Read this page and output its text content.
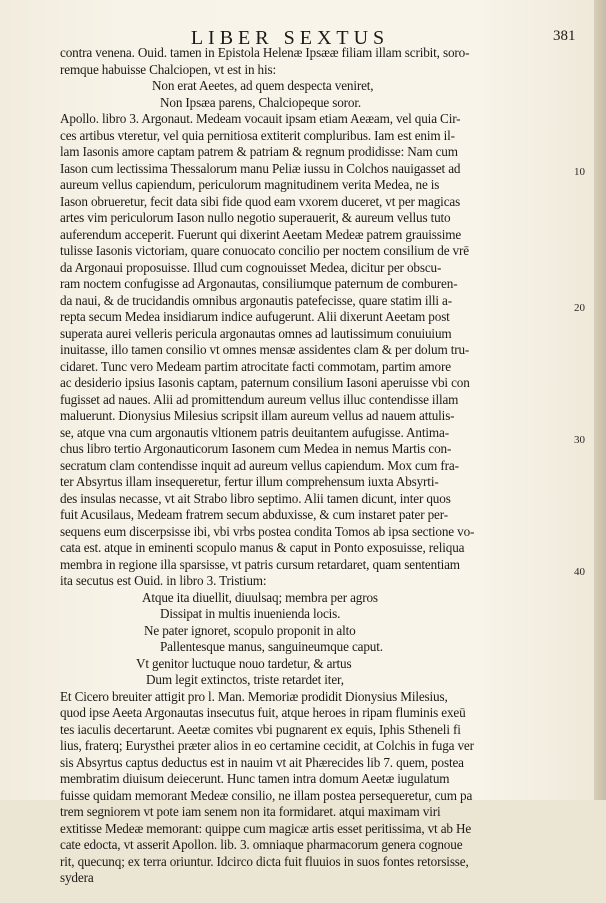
LIBER SEXTUS	381
contra venena. Ouid. tamen in Epistola Helenæ Ipsææ filiam illam scribit, soro-
remque habuisse Chalciopen, vt est in his:
Non erat Aeetes, ad quem despecta veniret,
Non Ipsæa parens, Chalciopeque soror.
Apollo. libro 3. Argonaut. Medeam vocauit ipsam etiam Aeæam, vel quia Cir-
ces artibus vteretur, vel quia pernitiosa extiterit compluribus. Iam est enim il-
lam Iasonis amore captam patrem & patriam & regnum prodidisse: Nam cum
Iason cum lectissima Thessalorum manu Peliæ iussu in Colchos nauigasset ad
aureum vellus capiendum, periculorum magnitudinem verita Medea, ne is
Iason obrueretur, fecit data sibi fide quod eam vxorem duceret, vt per magicas
artes vim periculorum Iason nullo negotio superauerit, & aureum vellus tuto
auferendum acceperit. Fuerunt qui dixerint Aeetam Medeæ patrem grauissime
tulisse Iasonis victoriam, quare conuocato concilio per noctem consilium de vrē
da Argonaui proposuisse. Illud cum cognouisset Medea, dicitur per obscu-
ram noctem confugisse ad Argonautas, consiliumque paternum de comburen-
da naui, & de trucidandis omnibus argonautis patefecisse, quare statim illi a-
repta secum Medea insidiarum indice aufugerunt. Alii dixerunt Aeetam post
superata aurei velleris pericula argonautas omnes ad lautissimum conuiuium
inuitasse, illo tamen consilio vt omnes mensæ assidentes clam & per dolum tru-
cidaret. Tunc vero Medeam partim atrocitate facti commotam, partim amore
ac desiderio ipsius Iasonis captam, paternum consilium Iasoni aperuisse vbi con
fugisset ad naues. Alii ad promittendum aureum vellus illuc contendisse illam
maluerunt. Dionysius Milesius scripsit illam aureum vellus ad nauem attulis-
se, atque vna cum argonautis vltionem patris deuitantem aufugisse. Antima-
chus libro tertio Argonauticorum Iasonem cum Medea in nemus Martis con-
secratum clam contendisse inquit ad aureum vellus capiendum. Mox cum fra-
ter Absyrtus illam insequeretur, fertur illum comprehensum iuxta Absyrti-
des insulas necasse, vt ait Strabo libro septimo. Alii tamen dicunt, inter quos
fuit Acusilaus, Medeam fratrem secum abduxisse, & cum instaret pater per-
sequens eum discerpsisse ibi, vbi vrbs postea condita Tomos ab ipsa sectione vo-
cata est. atque in eminenti scopulo manus & caput in Ponto exposuisse, reliqua
membra in regione illa sparsisse, vt patris cursum retardaret, quam sententiam
ita secutus est Ouid. in libro 3. Tristium:
Atque ita diuellit, diuulsaq; membra per agros
Dissipat in multis inuenienda locis.
Ne pater ignoret, scopulo proponit in alto
Pallentesque manus, sanguineumque caput.
Vt genitor luctuque nouo tardetur, & artus
Dum legit extinctos, triste retardet iter,
Et Cicero breuiter attigit pro l. Man. Memoriæ prodidit Dionysius Milesius,
quod ipse Aeeta Argonautas insecutus fuit, atque heroes in ripam fluminis exeū
tes iaculis decertarunt. Aeetæ comites vbi pugnarent ex equis, Iphis Stheneli fi
lius, fraterq; Eurysthei præter alios in eo certamine cecidit, at Colchis in fuga ver
sis Absyrtus captus deductus est in nauim vt ait Phærecides lib 7. quem, postea
membratim diuisum deiecerunt. Hunc tamen intra domum Aeetæ iugulatum
fuisse quidam memorant Medeæ consilio, ne illam postea persequeretur, cum pa
trem segniorem vt pote iam senem non ita formidaret. atqui maximam viri
extitisse Medeæ memorant: quippe cum magicæ artis esset peritissima, vt ab He
cate edocta, vt asserit Apollon. lib. 3. omniaque pharmacorum genera cognoue
rit, quecunq; ex terra oriuntur. Idcirco dicta fuit fluuios in suos fontes retorsisse,
sydera
10
20
30
40
